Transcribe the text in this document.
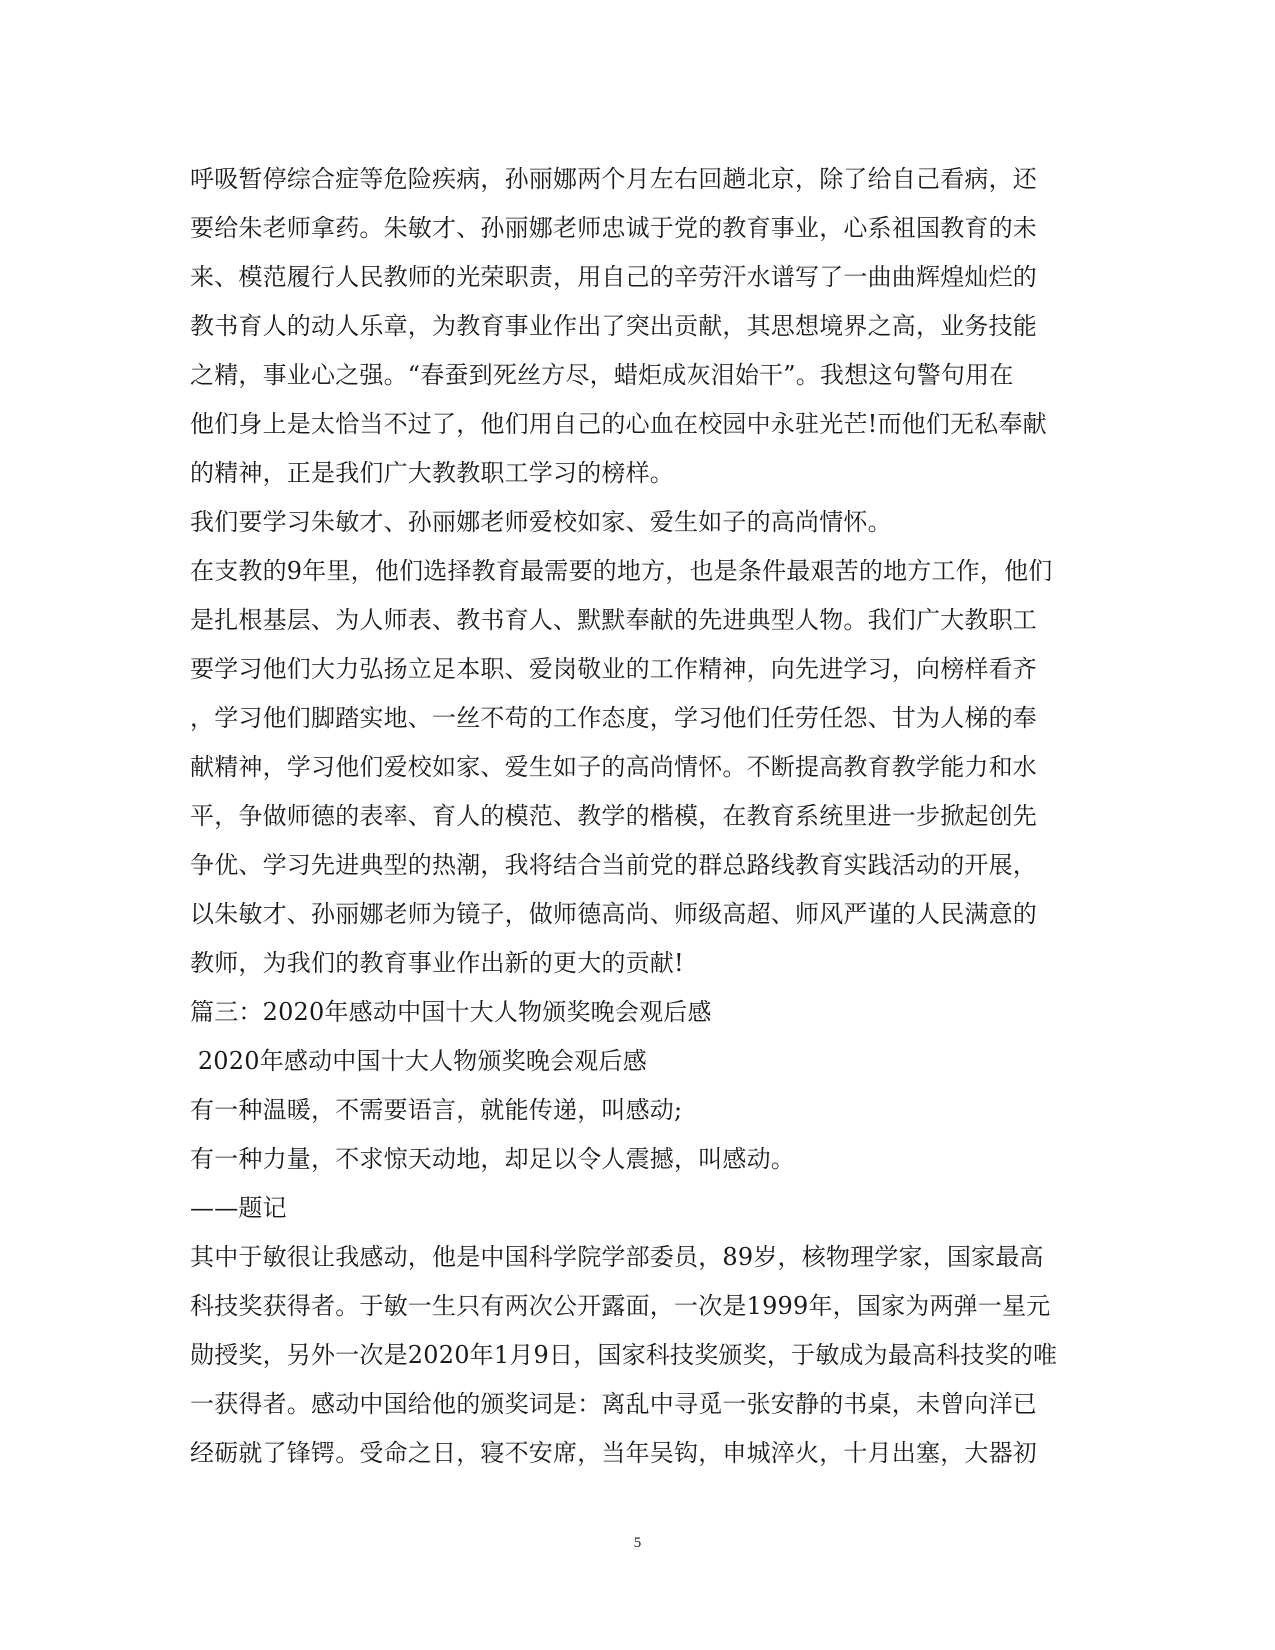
呼吸暂停综合症等危险疾病，孙丽娜两个月左右回趟北京，除了给自己看病，还
要给朱老师拿药。朱敏才、孙丽娜老师忠诚于党的教育事业，心系祖国教育的未
来、模范履行人民教师的光荣职责，用自己的辛劳汗水谱写了一曲曲辉煌灿烂的
教书育人的动人乐章，为教育事业作出了突出贡献，其思想境界之高，业务技能
之精，事业心之强。“春蚕到死丝方尽，蜡炬成灰泪始干”。我想这句警句用在
他们身上是太恰当不过了，他们用自己的心血在校园中永驻光芒!而他们无私奉献
的精神，正是我们广大教教职工学习的榜样。
我们要学习朱敏才、孙丽娜老师爱校如家、爱生如子的高尚情怀。
在支教的9年里，他们选择教育最需要的地方，也是条件最艰苦的地方工作，他们
是扎根基层、为人师表、教书育人、默默奉献的先进典型人物。我们广大教职工
要学习他们大力弘扬立足本职、爱岗敬业的工作精神，向先进学习，向榜样看齐
，学习他们脚踏实地、一丝不苟的工作态度，学习他们任劳任怨、甘为人梯的奉
献精神，学习他们爱校如家、爱生如子的高尚情怀。不断提高教育教学能力和水
平，争做师德的表率、育人的模范、教学的楷模，在教育系统里进一步掀起创先
争优、学习先进典型的热潮，我将结合当前党的群总路线教育实践活动的开展，
以朱敏才、孙丽娜老师为镜子，做师德高尚、师级高超、师风严谨的人民满意的
教师，为我们的教育事业作出新的更大的贡献!
篇三：2020年感动中国十大人物颁奖晚会观后感
2020年感动中国十大人物颁奖晚会观后感
有一种温暖，不需要语言，就能传递，叫感动;
有一种力量，不求惊天动地，却足以令人震撼，叫感动。
——题记
其中于敏很让我感动，他是中国科学院学部委员，89岁，核物理学家，国家最高
科技奖获得者。于敏一生只有两次公开露面，一次是1999年，国家为两弹一星元
勋授奖，另外一次是2020年1月9日，国家科技奖颁奖，于敏成为最高科技奖的唯
一获得者。感动中国给他的颁奖词是：离乱中寻觅一张安静的书桌，未曾向洋已
经砺就了锋锷。受命之日，寝不安席，当年吴钩，申城淬火，十月出塞，大器初
5
